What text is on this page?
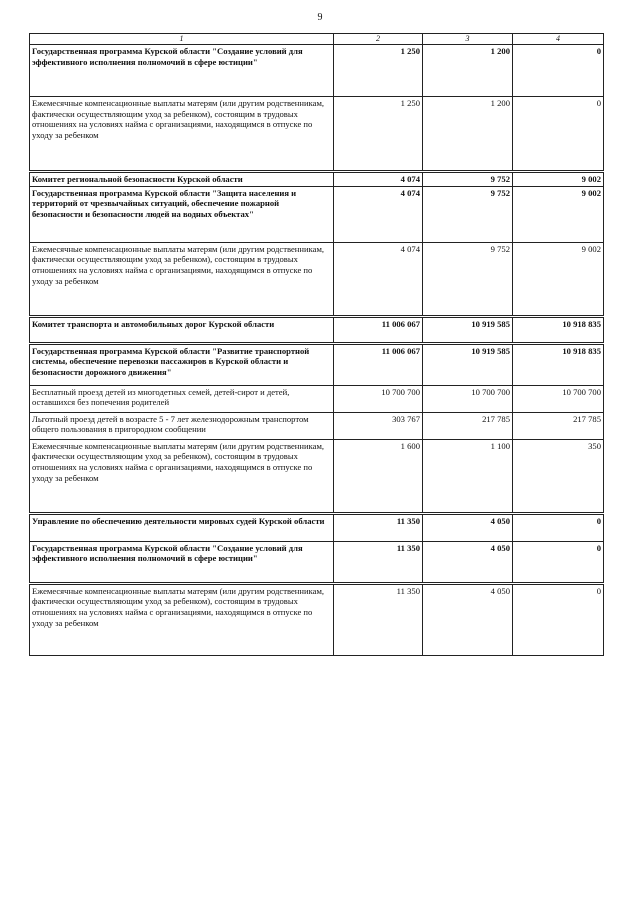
9
1	2	3	4
Государственная программа Курской области "Создание условий для эффективного исполнения полномочий в сфере юстиции"	1 250	1 200	0
Ежемесячные компенсационные выплаты матерям (или другим родственникам, фактически осуществляющим уход за ребенком), состоящим в трудовых отношениях на условиях найма с организациями, находящимся в отпуске по уходу за ребенком	1 250	1 200	0
Комитет региональной безопасности Курской области	4 074	9 752	9 002
Государственная программа Курской области "Защита населения и территорий от чрезвычайных ситуаций, обеспечение пожарной безопасности и безопасности людей на водных объектах"	4 074	9 752	9 002
Ежемесячные компенсационные выплаты матерям (или другим родственникам, фактически осуществляющим уход за ребенком), состоящим в трудовых отношениях на условиях найма с организациями, находящимся в отпуске по уходу за ребенком	4 074	9 752	9 002
Комитет транспорта и автомобильных дорог Курской области	11 006 067	10 919 585	10 918 835
Государственная программа Курской области "Развитие транспортной системы, обеспечение перевозки пассажиров в Курской области и безопасности дорожного движения"	11 006 067	10 919 585	10 918 835
Бесплатный проезд детей из многодетных семей, детей-сирот и детей, оставшихся без попечения родителей	10 700 700	10 700 700	10 700 700
Льготный проезд детей в возрасте 5 - 7 лет железнодорожным транспортом общего пользования в пригородном сообщении	303 767	217 785	217 785
Ежемесячные компенсационные выплаты матерям (или другим родственникам, фактически осуществляющим уход за ребенком), состоящим в трудовых отношениях на условиях найма с организациями, находящимся в отпуске по уходу за ребенком	1 600	1 100	350
Управление по обеспечению деятельности мировых судей Курской области	11 350	4 050	0
Государственная программа Курской области "Создание условий для эффективного исполнения полномочий в сфере юстиции"	11 350	4 050	0
Ежемесячные компенсационные выплаты матерям (или другим родственникам, фактически осуществляющим уход за ребенком), состоящим в трудовых отношениях на условиях найма с организациями, находящимся в отпуске по уходу за ребенком	11 350	4 050	0
